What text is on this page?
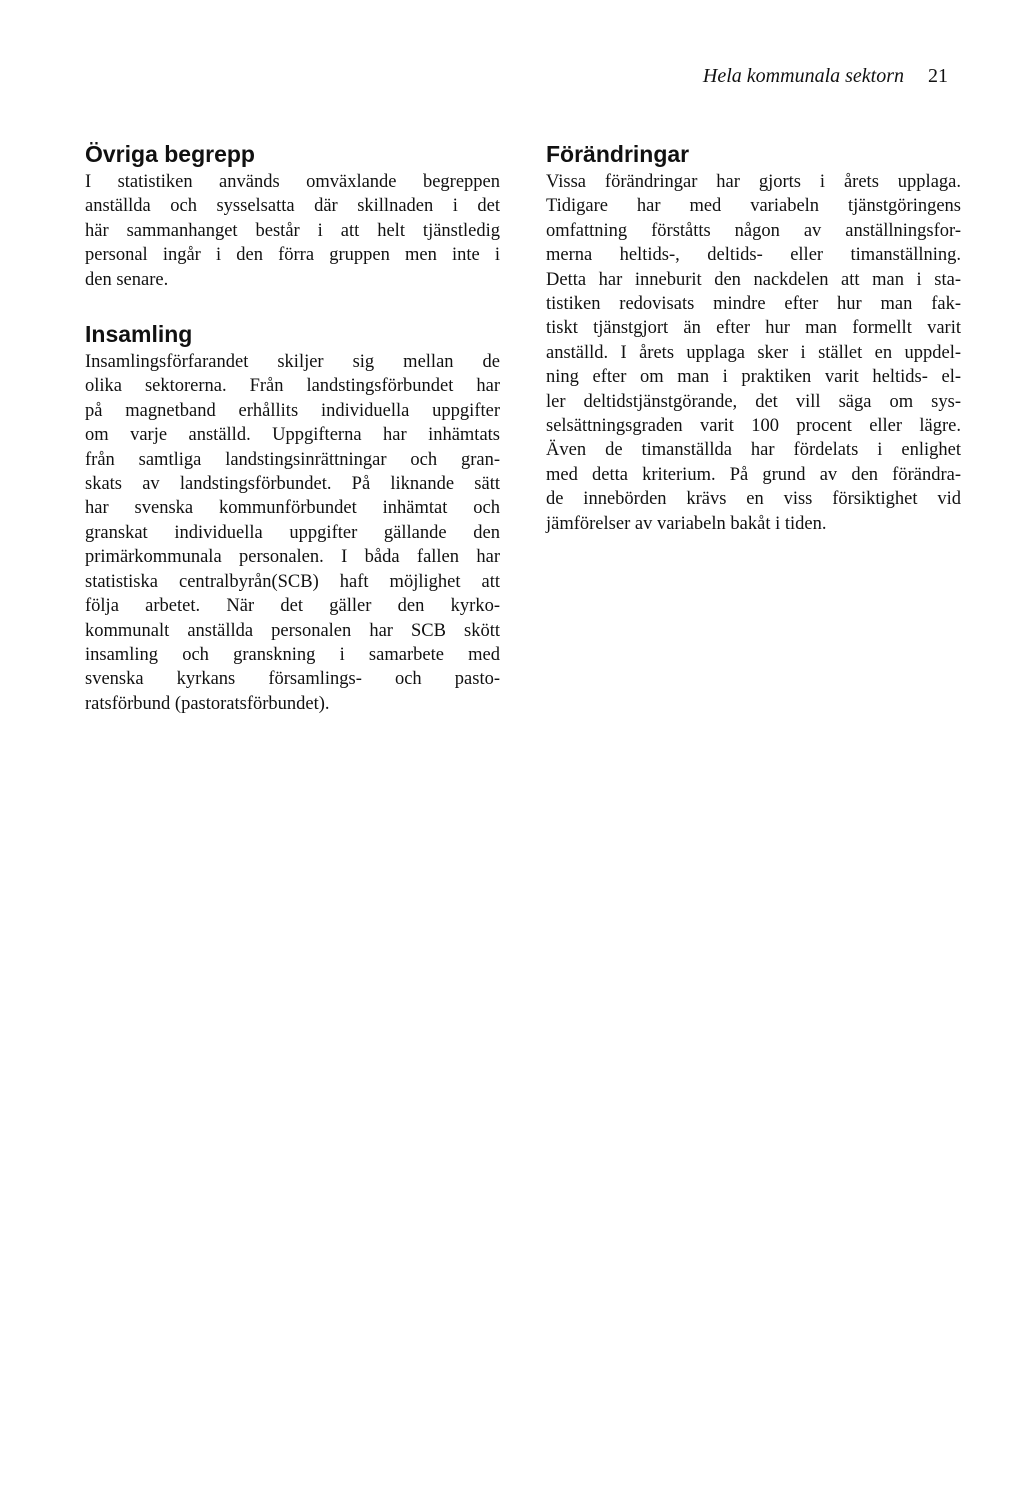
Hela kommunala sektorn 21
Övriga begrepp
I statistiken används omväxlande begreppen
anställda och sysselsatta där skillnaden i det
här sammanhanget består i att helt tjänstledig
personal ingår i den förra gruppen men inte i
den senare.
Insamling
Insamlingsförfarandet skiljer sig mellan de
olika sektorerna. Från landstingsförbundet har
på magnetband erhållits individuella uppgifter
om varje anställd. Uppgifterna har inhämtats
från samtliga landstingsinrättningar och gran-
skats av landstingsförbundet. På liknande sätt
har svenska kommunförbundet inhämtat och
granskat individuella uppgifter gällande den
primärkommunala personalen. I båda fallen har
statistiska centralbyrån(SCB) haft möjlighet att
följa arbetet. När det gäller den kyrko-
kommunalt anställda personalen har SCB skött
insamling och granskning i samarbete med
svenska kyrkans församlings- och pasto-
ratsförbund (pastoratsförbundet).
Förändringar
Vissa förändringar har gjorts i årets upplaga.
Tidigare har med variabeln tjänstgöringens
omfattning förståtts någon av anställningsfor-
merna heltids-, deltids- eller timanställning.
Detta har inneburit den nackdelen att man i sta-
tistiken redovisats mindre efter hur man fak-
tiskt tjänstgjort än efter hur man formellt varit
anställd. I årets upplaga sker i stället en uppdel-
ning efter om man i praktiken varit heltids- el-
ler deltidstjänstgörande, det vill säga om sys-
selsättningsgraden varit 100 procent eller lägre.
Även de timanställda har fördelats i enlighet
med detta kriterium. På grund av den förändra-
de innebörden krävs en viss försiktighet vid
jämförelser av variabeln bakåt i tiden.
